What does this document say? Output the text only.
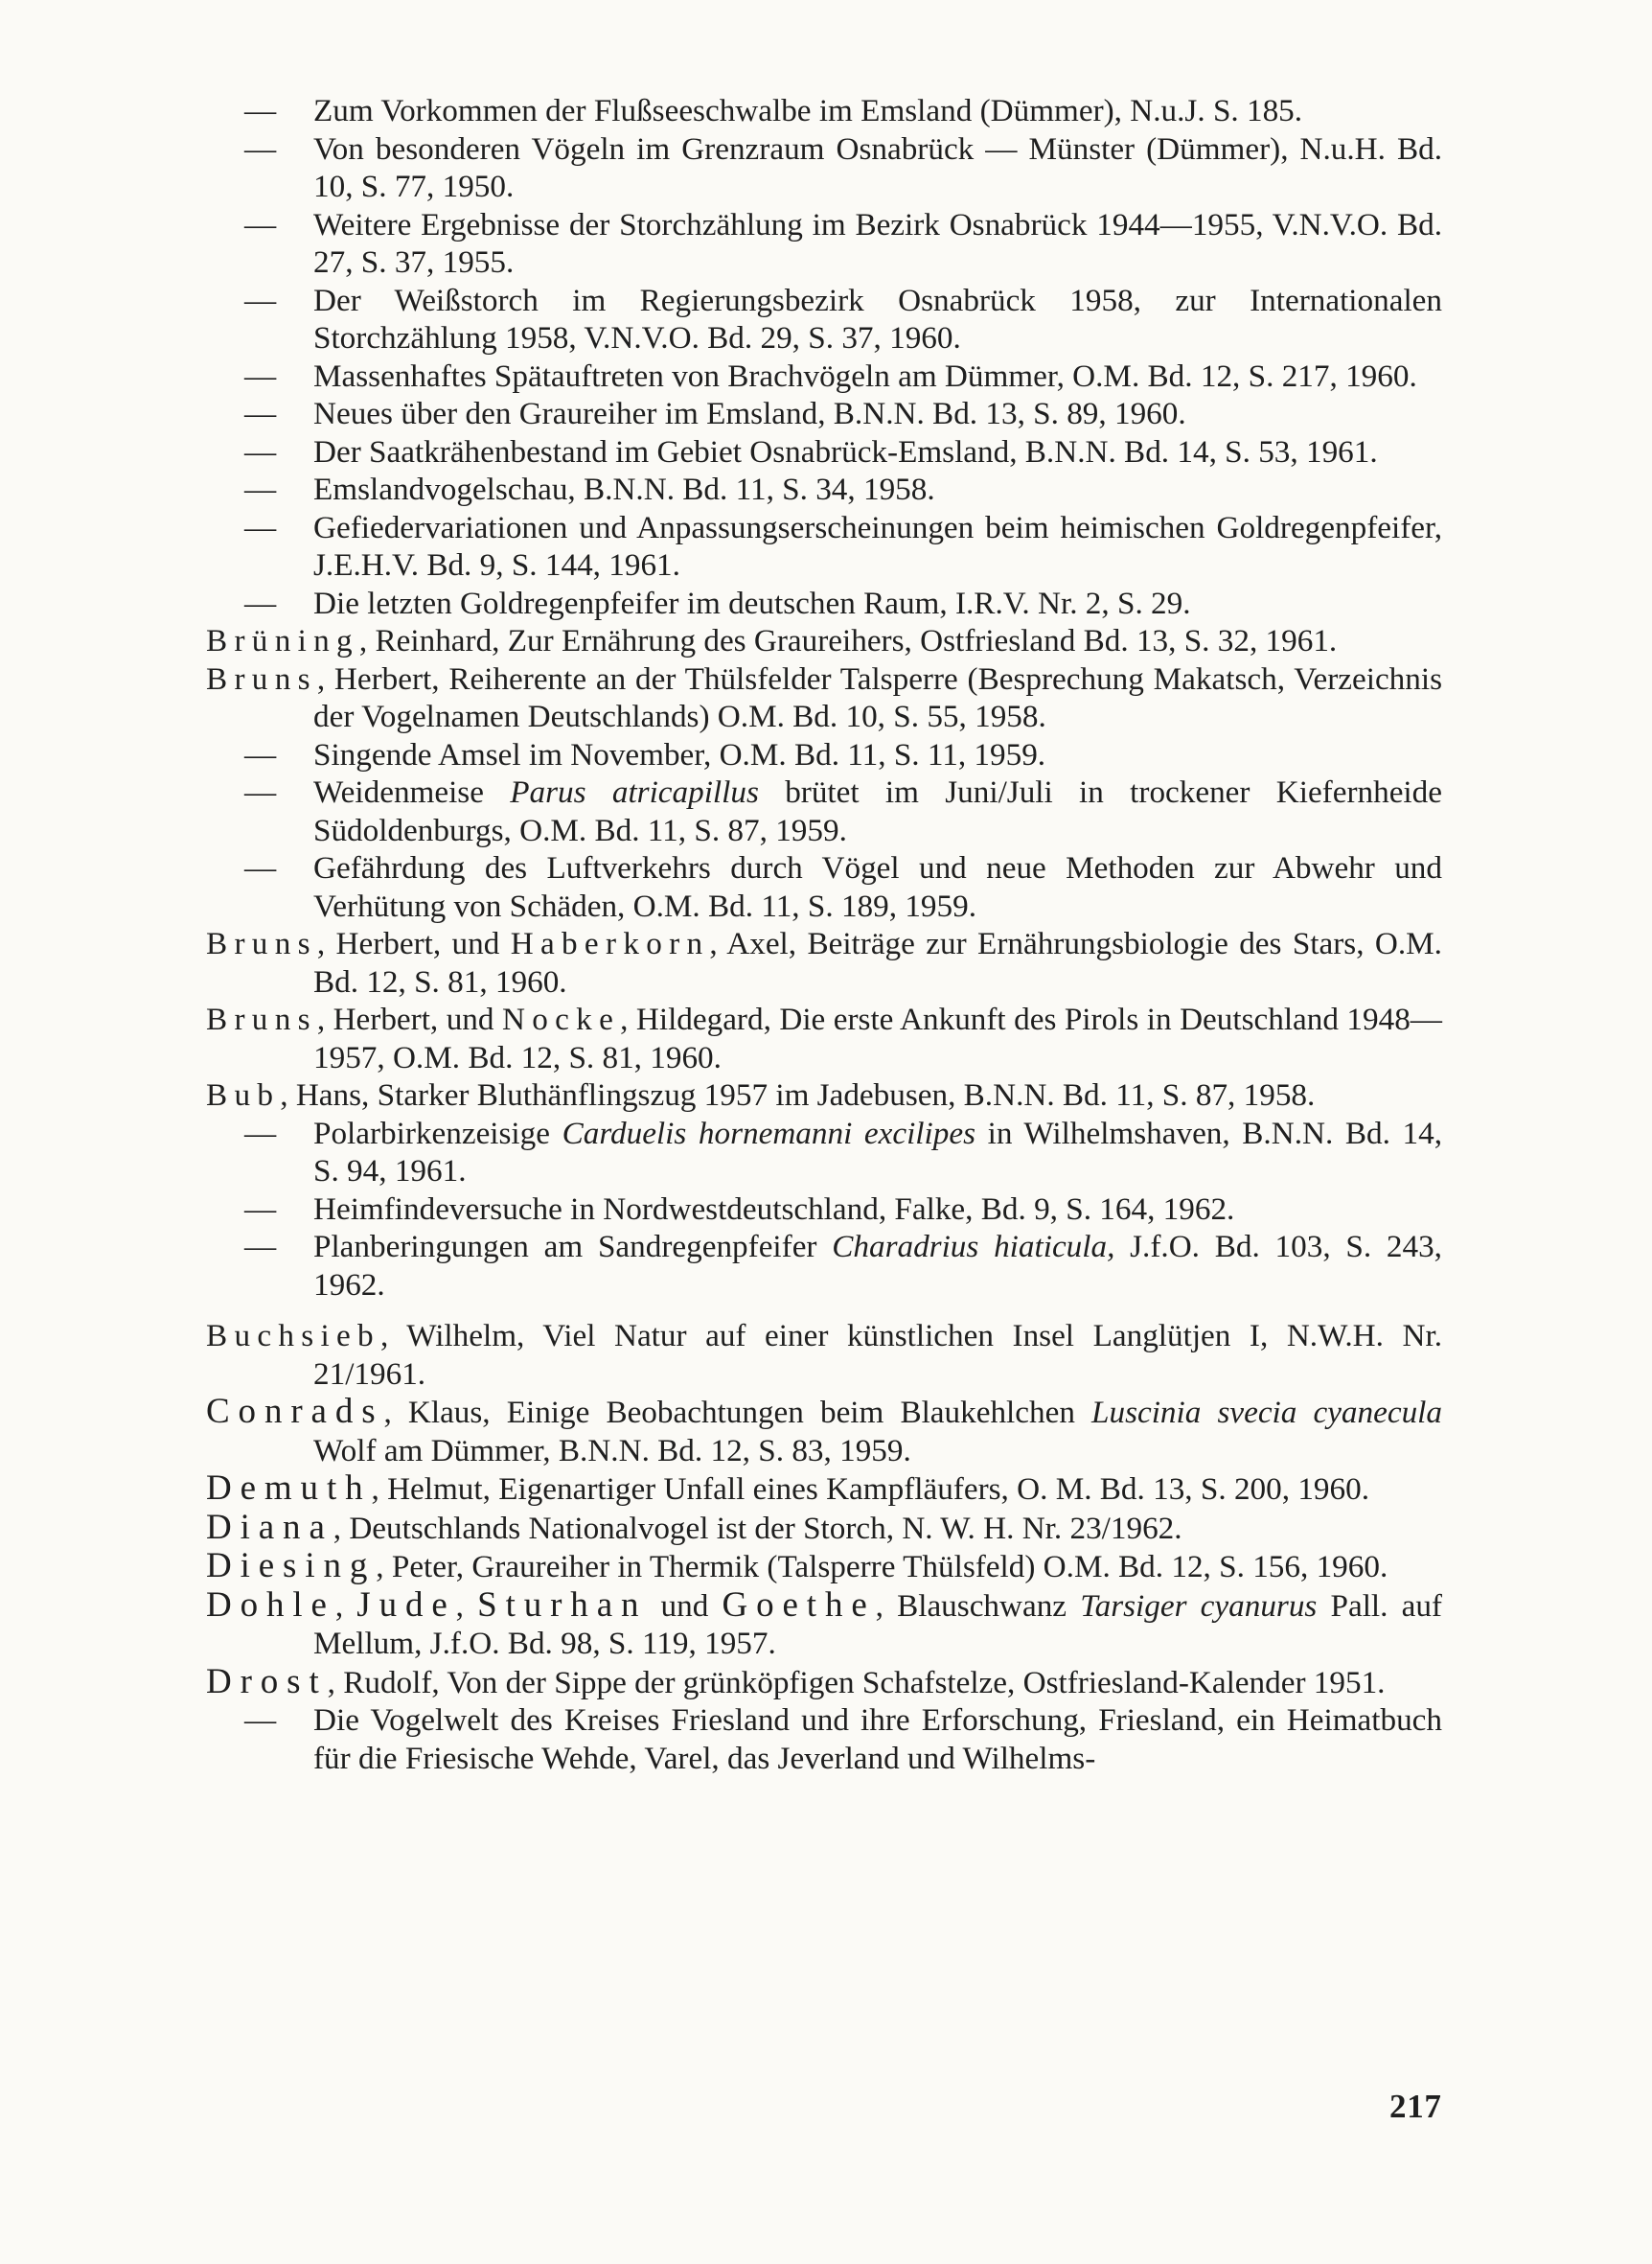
— Zum Vorkommen der Flußseeschwalbe im Emsland (Dümmer), N.u.J. S. 185.
— Von besonderen Vögeln im Grenzraum Osnabrück — Münster (Dümmer), N.u.H. Bd. 10, S. 77, 1950.
— Weitere Ergebnisse der Storchzählung im Bezirk Osnabrück 1944—1955, V.N.V.O. Bd. 27, S. 37, 1955.
— Der Weißstorch im Regierungsbezirk Osnabrück 1958, zur Internationalen Storchzählung 1958, V.N.V.O. Bd. 29, S. 37, 1960.
— Massenhaftes Spätauftreten von Brachvögeln am Dümmer, O.M. Bd. 12, S. 217, 1960.
— Neues über den Graureiher im Emsland, B.N.N. Bd. 13, S. 89, 1960.
— Der Saatkrähenbestand im Gebiet Osnabrück-Emsland, B.N.N. Bd. 14, S. 53, 1961.
— Emslandvogelschau, B.N.N. Bd. 11, S. 34, 1958.
— Gefiedervariationen und Anpassungserscheinungen beim heimischen Goldregenpfeifer, J.E.H.V. Bd. 9, S. 144, 1961.
— Die letzten Goldregenpfeifer im deutschen Raum, I.R.V. Nr. 2, S. 29.
Brüning, Reinhard, Zur Ernährung des Graureihers, Ostfriesland Bd. 13, S. 32, 1961.
Bruns, Herbert, Reiherente an der Thülsfelder Talsperre (Besprechung Makatsch, Verzeichnis der Vogelnamen Deutschlands) O.M. Bd. 10, S. 55, 1958.
— Singende Amsel im November, O.M. Bd. 11, S. 11, 1959.
— Weidenmeise Parus atricapillus brütet im Juni/Juli in trockener Kiefernheide Südoldenburgs, O.M. Bd. 11, S. 87, 1959.
— Gefährdung des Luftverkehrs durch Vögel und neue Methoden zur Abwehr und Verhütung von Schäden, O.M. Bd. 11, S. 189, 1959.
Bruns, Herbert, und Haberkorn, Axel, Beiträge zur Ernährungsbiologie des Stars, O.M. Bd. 12, S. 81, 1960.
Bruns, Herbert, und Nocke, Hildegard, Die erste Ankunft des Pirols in Deutschland 1948—1957, O.M. Bd. 12, S. 81, 1960.
Bub, Hans, Starker Bluthänflingszug 1957 im Jadebusen, B.N.N. Bd. 11, S. 87, 1958.
— Polarbirkenzeisige Carduelis hornemanni excilipes in Wilhelmshaven, B.N.N. Bd. 14, S. 94, 1961.
— Heimfindeversuche in Nordwestdeutschland, Falke, Bd. 9, S. 164, 1962.
— Planberingungen am Sandregenpfeifer Charadrius hiaticula, J.f.O. Bd. 103, S. 243, 1962.
Buchsieb, Wilhelm, Viel Natur auf einer künstlichen Insel Langlütjen I, N.W.H. Nr. 21/1961.
Conrads, Klaus, Einige Beobachtungen beim Blaukehlchen Luscinia svecia cyanecula Wolf am Dümmer, B.N.N. Bd. 12, S. 83, 1959.
Demuth, Helmut, Eigenartiger Unfall eines Kampfläufers, O. M. Bd. 13, S. 200, 1960.
Diana, Deutschlands Nationalvogel ist der Storch, N. W. H. Nr. 23/1962.
Diesing, Peter, Graureiher in Thermik (Talsperre Thülsfeld) O.M. Bd. 12, S. 156, 1960.
Dohle, Jude, Sturhan und Goethe, Blauschwanz Tarsiger cyanurus Pall. auf Mellum, J.f.O. Bd. 98, S. 119, 1957.
Drost, Rudolf, Von der Sippe der grünköpfigen Schafstelze, Ostfriesland-Kalender 1951.
— Die Vogelwelt des Kreises Friesland und ihre Erforschung, Friesland, ein Heimatbuch für die Friesische Wehde, Varel, das Jeverland und Wilhelms-
217
